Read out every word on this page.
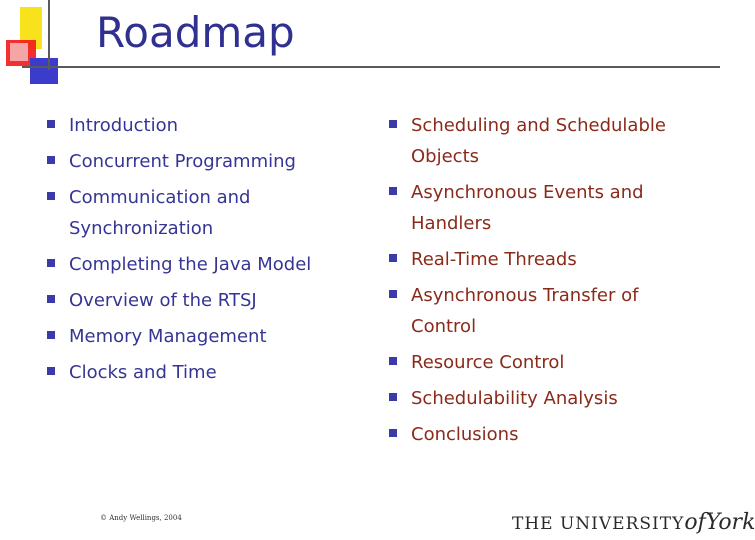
Roadmap
Introduction
Concurrent Programming
Communication and
Synchronization
Completing the Java Model
Overview of the RTSJ
Memory Management
Clocks and Time
Scheduling and Schedulable
Objects
Asynchronous Events and
Handlers
Real-Time Threads
Asynchronous Transfer of
Control
Resource Control
Schedulability Analysis
Conclusions
© Andy Wellings, 2004	THE UNIVERSITYofYork
